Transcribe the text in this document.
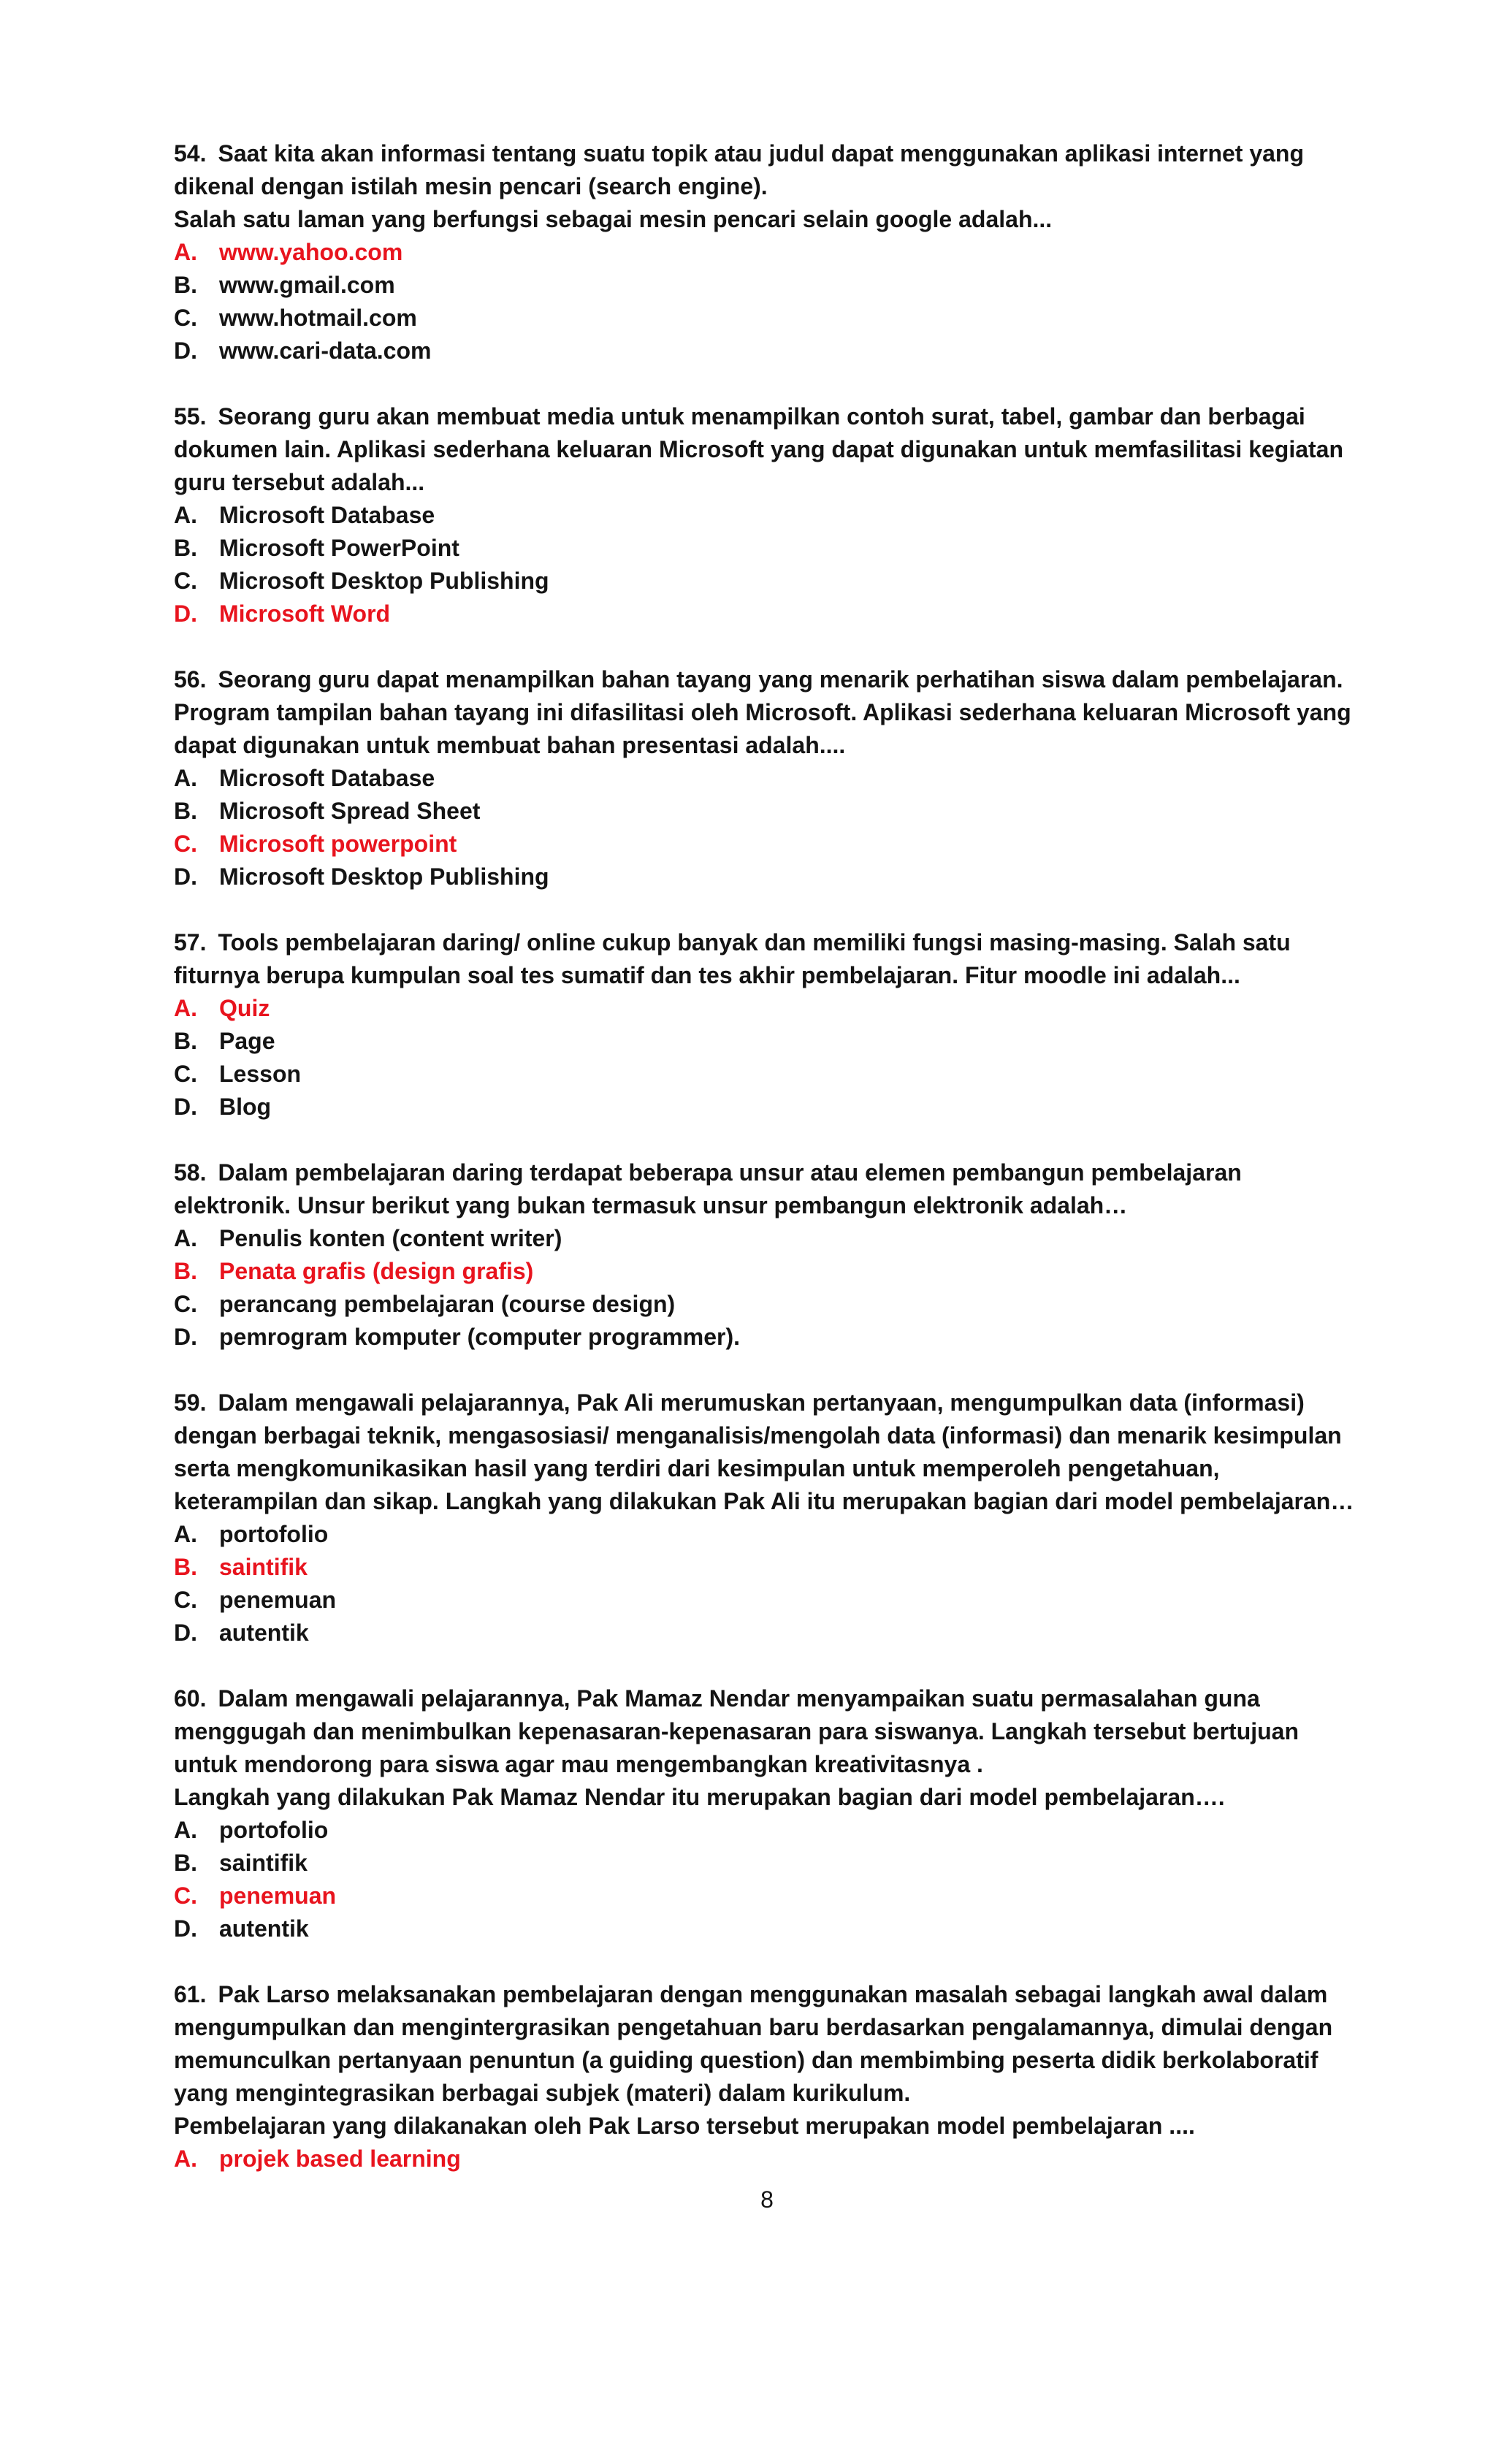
54. Saat kita akan informasi tentang suatu topik atau judul dapat menggunakan aplikasi internet yang
dikenal dengan istilah mesin pencari (search engine).
Salah satu laman yang berfungsi sebagai mesin pencari selain google adalah...
A. www.yahoo.com
B. www.gmail.com
C. www.hotmail.com
D. www.cari-data.com
55. Seorang guru akan membuat media untuk menampilkan contoh surat, tabel, gambar dan berbagai
dokumen lain. Aplikasi sederhana keluaran Microsoft yang dapat digunakan untuk memfasilitasi kegiatan
guru tersebut adalah...
A. Microsoft Database
B. Microsoft PowerPoint
C. Microsoft Desktop Publishing
D. Microsoft Word
56. Seorang guru dapat menampilkan bahan tayang yang menarik perhatihan siswa dalam pembelajaran.
Program tampilan bahan tayang ini difasilitasi oleh Microsoft. Aplikasi sederhana keluaran Microsoft yang
dapat digunakan untuk membuat bahan presentasi adalah....
A. Microsoft Database
B. Microsoft Spread Sheet
C. Microsoft powerpoint
D. Microsoft Desktop Publishing
57. Tools pembelajaran daring/ online cukup banyak dan memiliki fungsi masing-masing. Salah satu
fiturnya berupa kumpulan soal tes sumatif dan tes akhir pembelajaran. Fitur moodle ini adalah...
A. Quiz
B. Page
C. Lesson
D. Blog
58. Dalam pembelajaran daring terdapat beberapa unsur atau elemen pembangun pembelajaran
elektronik. Unsur berikut yang bukan termasuk unsur pembangun elektronik adalah…
A. Penulis konten (content writer)
B. Penata grafis (design grafis)
C. perancang pembelajaran (course design)
D. pemrogram komputer (computer programmer).
59. Dalam mengawali pelajarannya, Pak Ali merumuskan pertanyaan, mengumpulkan data (informasi)
dengan berbagai teknik, mengasosiasi/ menganalisis/mengolah data (informasi) dan menarik kesimpulan
serta mengkomunikasikan hasil yang terdiri dari kesimpulan untuk memperoleh pengetahuan,
keterampilan dan sikap. Langkah yang dilakukan Pak Ali itu merupakan bagian dari model pembelajaran…
A. portofolio
B. saintifik
C. penemuan
D. autentik
60. Dalam mengawali pelajarannya, Pak Mamaz Nendar menyampaikan suatu permasalahan guna
menggugah dan menimbulkan kepenasaran-kepenasaran para siswanya. Langkah tersebut bertujuan
untuk mendorong para siswa agar mau mengembangkan kreativitasnya .
Langkah yang dilakukan Pak Mamaz Nendar itu merupakan bagian dari model pembelajaran….
A. portofolio
B. saintifik
C. penemuan
D. autentik
61. Pak Larso melaksanakan pembelajaran dengan menggunakan masalah sebagai langkah awal dalam
mengumpulkan dan mengintergrasikan pengetahuan baru berdasarkan pengalamannya, dimulai dengan
memunculkan pertanyaan penuntun (a guiding question) dan membimbing peserta didik berkolaboratif
yang mengintegrasikan berbagai subjek (materi) dalam kurikulum.
Pembelajaran yang dilakanakan oleh Pak Larso tersebut merupakan model pembelajaran ....
A. projek based learning
8
